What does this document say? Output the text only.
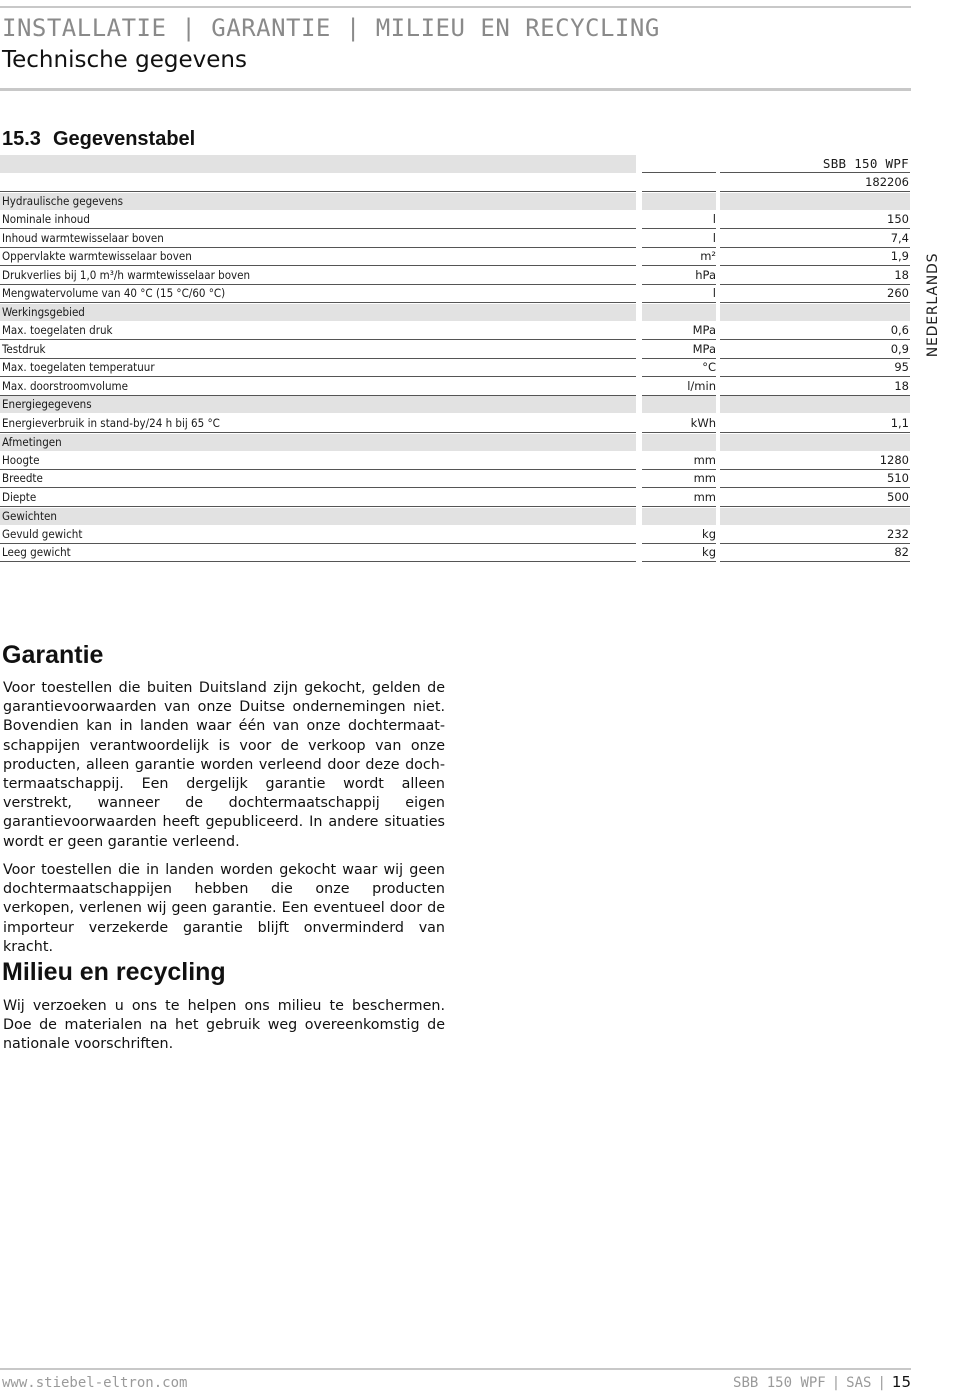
INSTALLATIE | GARANTIE | MILIEU EN RECYCLING
Technische gegevens
15.3 Gegevenstabel
SBB 150 WPF
182206
Hydraulische gegevens
Nominale inhoud	l	150
Inhoud warmtewisselaar boven	l	7,4
Oppervlakte warmtewisselaar boven	m²	1,9
Drukverlies bij 1,0 m³/h warmtewisselaar boven	hPa	18
Mengwatervolume van 40 °C (15 °C/60 °C)	l	260
Werkingsgebied
Max. toegelaten druk	MPa	0,6
Testdruk	MPa	0,9
Max. toegelaten temperatuur	°C	95
Max. doorstroomvolume	l/min	18
Energiegegevens
Energieverbruik in stand-by/24 h bij 65 °C	kWh	1,1
Afmetingen
Hoogte	mm	1280
Breedte	mm	510
Diepte	mm	500
Gewichten
Gevuld gewicht	kg	232
Leeg gewicht	kg	82
NEDERLANDS
Garantie
Voor toestellen die buiten Duitsland zijn gekocht, gelden de garantievoorwaarden van onze Duitse ondernemingen niet. Bovendien kan in landen waar één van onze dochtermaatschappijen verantwoordelijk is voor de verkoop van onze producten, alleen garantie worden verleend door deze dochtermaatschappij. Een dergelijk garantie wordt alleen verstrekt, wanneer de dochtermaatschappij eigen garantievoorwaarden heeft gepubliceerd. In andere situaties wordt er geen garantie verleend.
Voor toestellen die in landen worden gekocht waar wij geen dochtermaatschappijen hebben die onze producten verkopen, verlenen wij geen garantie. Een eventueel door de importeur verzekerde garantie blijft onverminderd van kracht.
Milieu en recycling
Wij verzoeken u ons te helpen ons milieu te beschermen. Doe de materialen na het gebruik weg overeenkomstig de nationale voorschriften.
www.stiebel-eltron.com	SBB 150 WPF | SAS | 15
